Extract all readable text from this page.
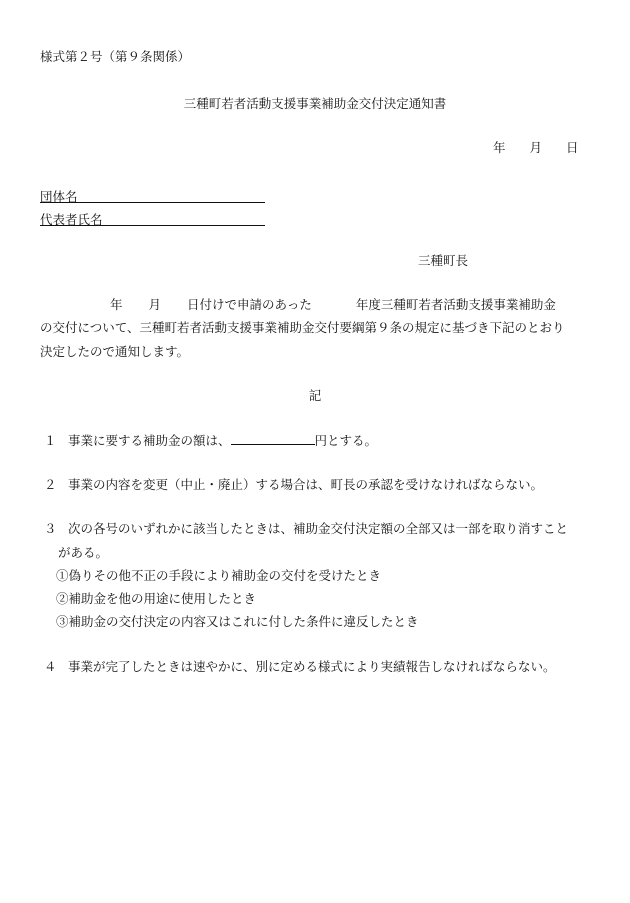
様式第２号（第９条関係）
三種町若者活動支援事業補助金交付決定通知書
年 月 日
団体名
代表者氏名
三種町長
年 月 日付けで申請のあった	年度三種町若者活動支援事業補助金
の交付について、三種町若者活動支援事業補助金交付要綱第９条の規定に基づき下記のとおり
決定したので通知します。
記
１ 事業に要する補助金の額は、	円とする。
２ 事業の内容を変更（中止・廃止）する場合は、町長の承認を受けなければならない。
３ 次の各号のいずれかに該当したときは、補助金交付決定額の全部又は一部を取り消すこと
がある。
①偽りその他不正の手段により補助金の交付を受けたとき
②補助金を他の用途に使用したとき
③補助金の交付決定の内容又はこれに付した条件に違反したとき
４ 事業が完了したときは速やかに、別に定める様式により実績報告しなければならない。
